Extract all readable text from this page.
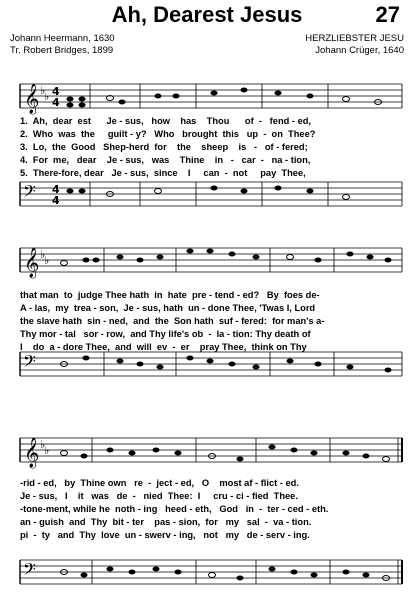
Ah, Dearest Jesus	27
Johann Heermann, 1630
Tr. Robert Bridges, 1899
HERZLIEBSTER JESU
Johann Crüger, 1640
𝄞 ♭
♭ 4
4
1.  Ah,  dear  est      Je - sus,   how    has    Thou      of  -   fend - ed,
2.  Who  was  the     guilt - y?   Who   brought  this   up  -  on  Thee?
3.  Lo,  the  Good   Shep-herd  for    the    sheep    is   -   of - fered;
4.  For  me,   dear    Je - sus,   was    Thine    in   -   car  -   na - tion,
5.  There-fore, dear   Je - sus,  since    I     can  -  not     pay  Thee,
𝄢 4
4
𝄞 ♭
♭
that man  to  judge Thee hath  in  hate  pre - tend - ed?   By  foes de-
A - las,  my  trea - son,  Je - sus, hath  un - done Thee, 'Twas I, Lord
the slave hath  sin - ned,  and  the  Son hath  suf - fered:  for man's a-
Thy mor - tal   sor - row,  and Thy life's ob  -  la - tion: Thy death of
I    do  a - dore Thee,  and  will  ev  -  er    pray Thee,  think on Thy
𝄢
𝄞 ♭
♭
-rid - ed,   by  Thine own   re  -  ject - ed,   O    most af - flict - ed.
Je - sus,   I    it   was   de  -   nied  Thee:  I     cru - ci - fied  Thee.
-tone-ment, while he  noth - ing   heed - eth,   God   in  -  ter - ced - eth.
an - guish  and  Thy  bit - ter    pas - sion,  for   my   sal  -  va - tion.
pi  -  ty   and  Thy  love  un - swerv - ing,   not   my   de - serv - ing.
𝄢
